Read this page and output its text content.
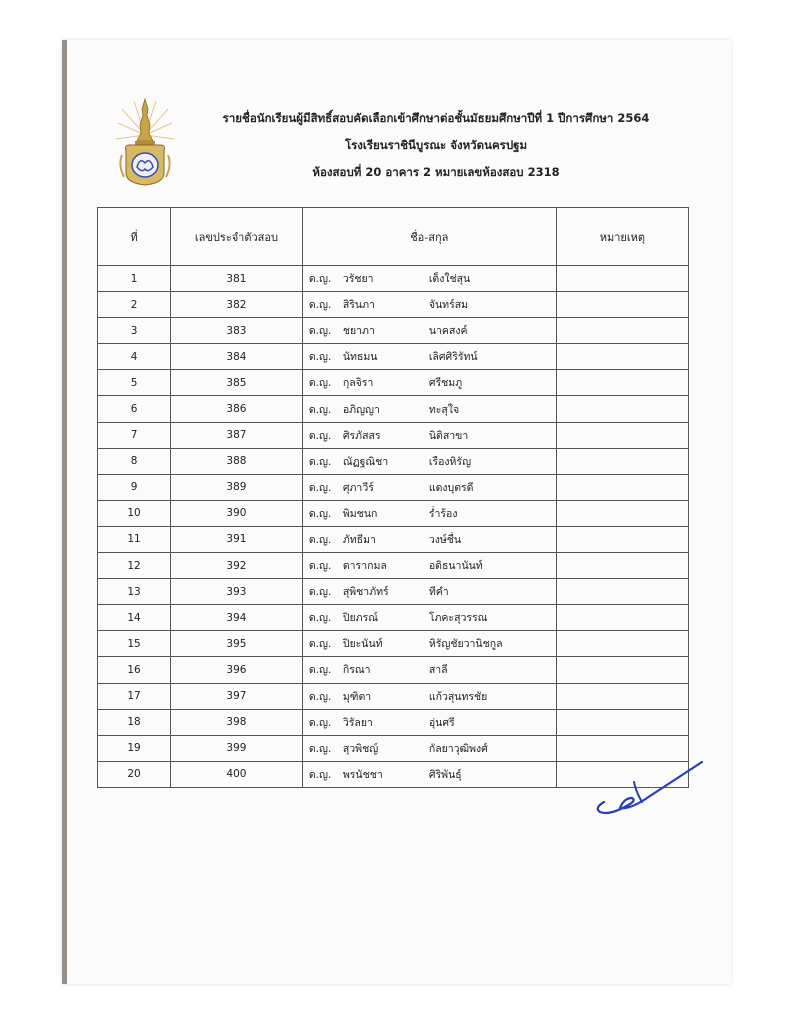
รายชื่อนักเรียนผู้มีสิทธิ์สอบคัดเลือกเข้าศึกษาต่อชั้นมัธยมศึกษาปีที่ 1 ปีการศึกษา 2564
โรงเรียนราชินีบูรณะ จังหวัดนครปฐม
ห้องสอบที่ 20 อาคาร 2 หมายเลขห้องสอบ 2318
ที่	เลขประจำตัวสอบ	ชื่อ-สกุล	หมายเหตุ
1	381	ด.ญ. วรัชยา เต็งใช่สุน	

2	382	ด.ญ. สิรินภา จันทร์สม	

3	383	ด.ญ. ชยาภา นาคสงค์	

4	384	ด.ญ. นัทธมน เลิศศิริรัทน์	

5	385	ด.ญ. กุลจิรา ศรีชมภู	

6	386	ด.ญ. อภิญญา ทะสุใจ	

7	387	ด.ญ. ศิรภัสสร นิติสาขา	

8	388	ด.ญ. ณัฏฐณิชา เรืองหิรัญ	

9	389	ด.ญ. ศุภาวีร์ แดงบุตรดี	

10	390	ด.ญ. พิมชนก ร่ำร้อง	

11	391	ด.ญ. ภัทธีมา วงษ์ชื่น	

12	392	ด.ญ. ดารากมล อดิธนานันท์	

13	393	ด.ญ. สุพิชาภัทร์ ทีคำ	

14	394	ด.ญ. ปิยภรณ์ โภคะสุวรรณ	

15	395	ด.ญ. ปิยะนันท์ หิรัญชัยวานิชกูล	

16	396	ด.ญ. กิรณา สาลี	

17	397	ด.ญ. มุฑิตา แก้วสุนทรชัย	

18	398	ด.ญ. วิรัลยา อุ่นศรี	

19	399	ด.ญ. สุวพิชญ์ กัลยาวุฒิพงศ์	

20	400	ด.ญ. พรนัชชา ศิริพันธุ์	
